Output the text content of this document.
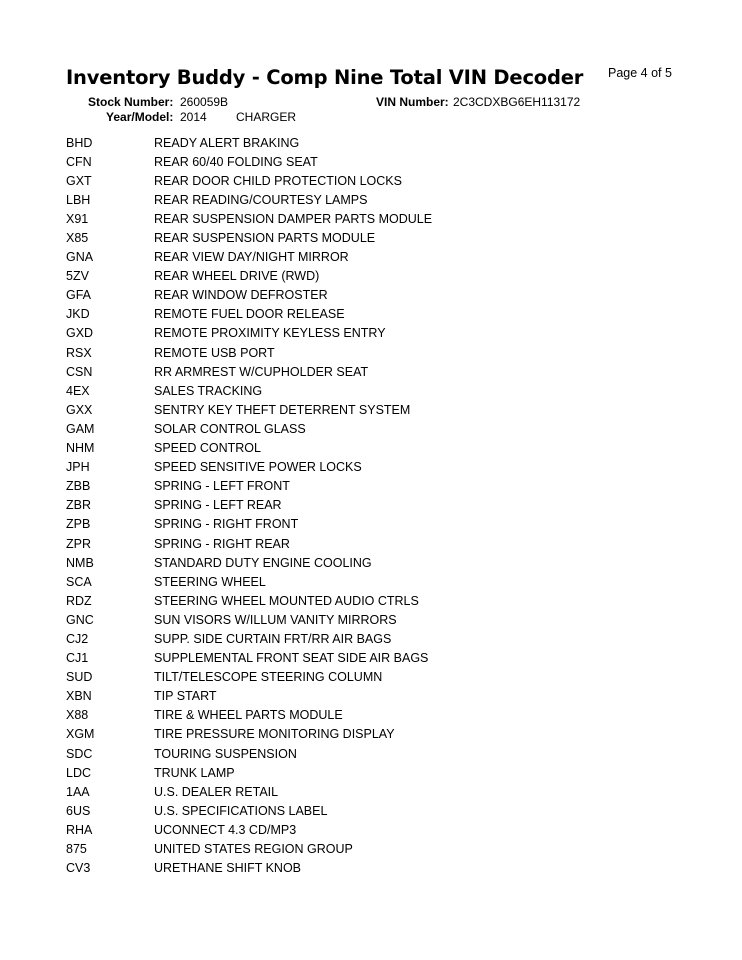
Inventory Buddy - Comp Nine Total VIN Decoder Page 4 of 5
Stock Number: 260059B	VIN Number: 2C3CDXBG6EH113172
Year/Model: 2014 CHARGER
BHD	READY ALERT BRAKING
CFN	REAR 60/40 FOLDING SEAT
GXT	REAR DOOR CHILD PROTECTION LOCKS
LBH	REAR READING/COURTESY LAMPS
X91	REAR SUSPENSION DAMPER PARTS MODULE
X85	REAR SUSPENSION PARTS MODULE
GNA	REAR VIEW DAY/NIGHT MIRROR
5ZV	REAR WHEEL DRIVE (RWD)
GFA	REAR WINDOW DEFROSTER
JKD	REMOTE FUEL DOOR RELEASE
GXD	REMOTE PROXIMITY KEYLESS ENTRY
RSX	REMOTE USB PORT
CSN	RR ARMREST W/CUPHOLDER SEAT
4EX	SALES TRACKING
GXX	SENTRY KEY THEFT DETERRENT SYSTEM
GAM	SOLAR CONTROL GLASS
NHM	SPEED CONTROL
JPH	SPEED SENSITIVE POWER LOCKS
ZBB	SPRING - LEFT FRONT
ZBR	SPRING - LEFT REAR
ZPB	SPRING - RIGHT FRONT
ZPR	SPRING - RIGHT REAR
NMB	STANDARD DUTY ENGINE COOLING
SCA	STEERING WHEEL
RDZ	STEERING WHEEL MOUNTED AUDIO CTRLS
GNC	SUN VISORS W/ILLUM VANITY MIRRORS
CJ2	SUPP. SIDE CURTAIN FRT/RR AIR BAGS
CJ1	SUPPLEMENTAL FRONT SEAT SIDE AIR BAGS
SUD	TILT/TELESCOPE STEERING COLUMN
XBN	TIP START
X88	TIRE & WHEEL PARTS MODULE
XGM	TIRE PRESSURE MONITORING DISPLAY
SDC	TOURING SUSPENSION
LDC	TRUNK LAMP
1AA	U.S. DEALER RETAIL
6US	U.S. SPECIFICATIONS LABEL
RHA	UCONNECT 4.3 CD/MP3
875	UNITED STATES REGION GROUP
CV3	URETHANE SHIFT KNOB
